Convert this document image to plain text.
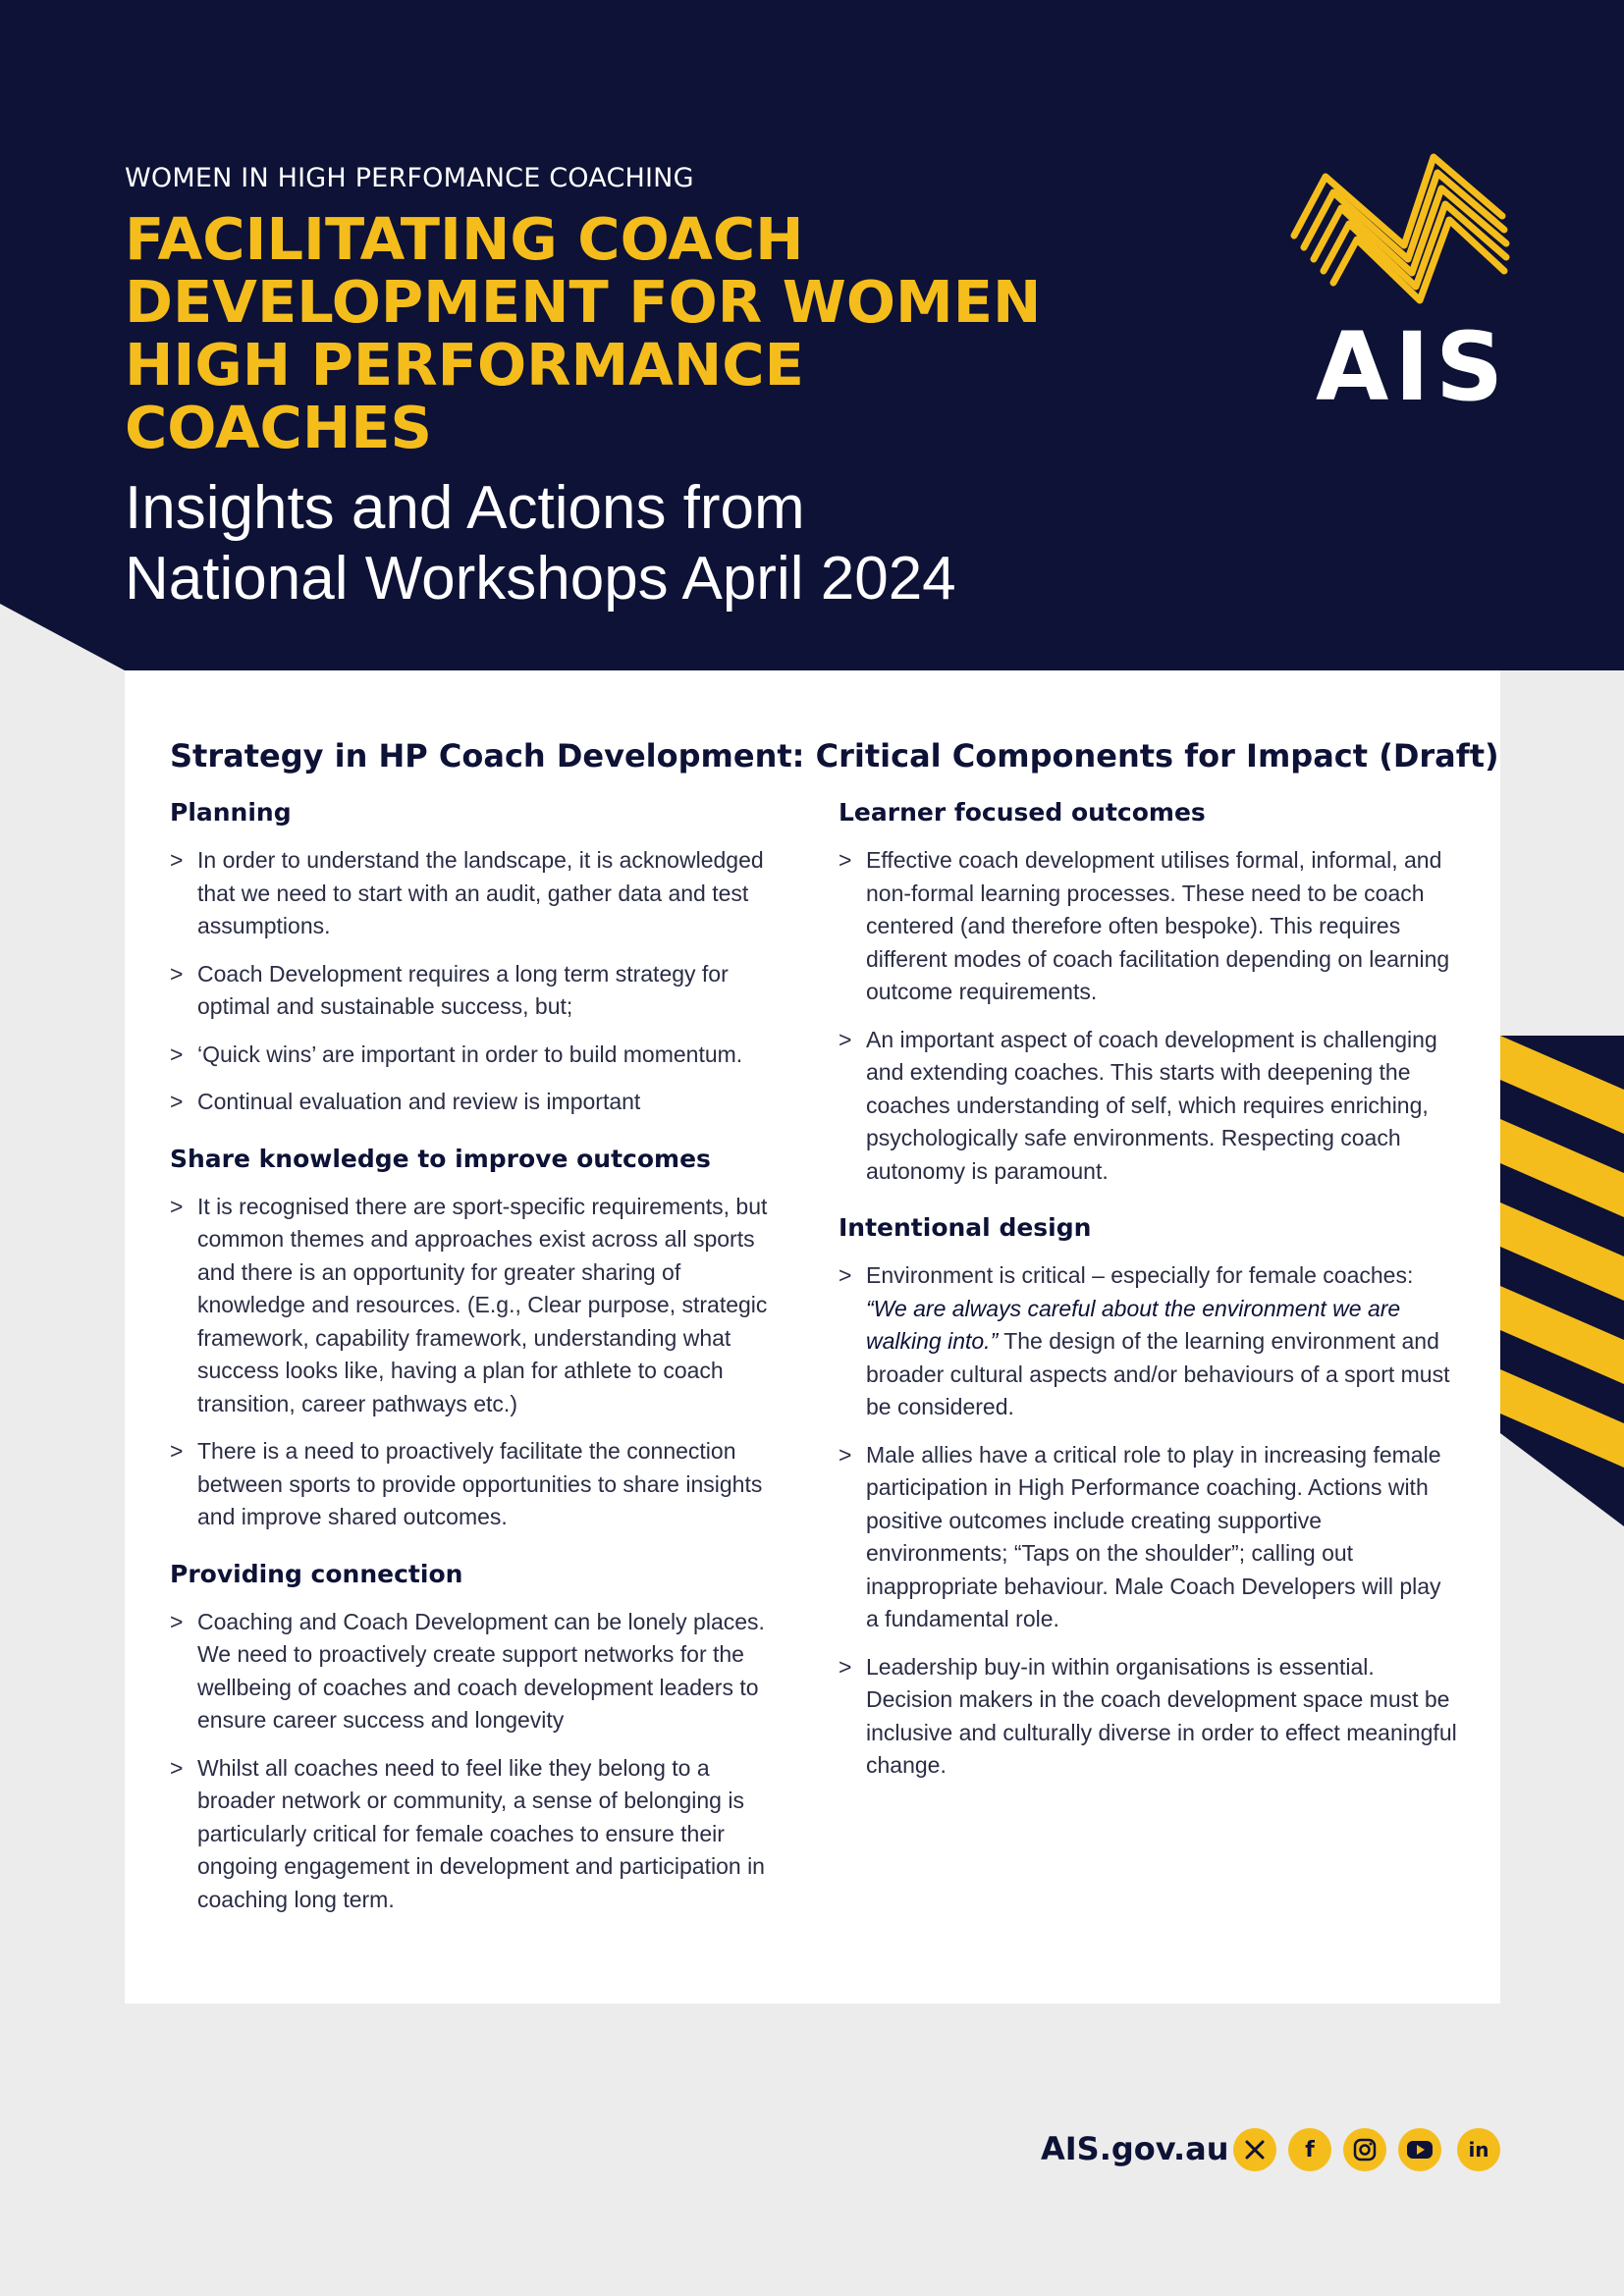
WOMEN IN HIGH PERFOMANCE COACHING
FACILITATING COACH DEVELOPMENT FOR WOMEN HIGH PERFORMANCE COACHES
Insights and Actions from
National Workshops April 2024
AIS
Strategy in HP Coach Development: Critical Components for Impact (Draft)
Planning
> In order to understand the landscape, it is acknowledged that we need to start with an audit, gather data and test assumptions.
> Coach Development requires a long term strategy for optimal and sustainable success, but;
> ‘Quick wins’ are important in order to build momentum.
> Continual evaluation and review is important
Share knowledge to improve outcomes
> It is recognised there are sport-specific requirements, but common themes and approaches exist across all sports and there is an opportunity for greater sharing of knowledge and resources. (E.g., Clear purpose, strategic framework, capability framework, understanding what success looks like, having a plan for athlete to coach transition, career pathways etc.)
> There is a need to proactively facilitate the connection between sports to provide opportunities to share insights and improve shared outcomes.
Providing connection
> Coaching and Coach Development can be lonely places. We need to proactively create support networks for the wellbeing of coaches and coach development leaders to ensure career success and longevity
> Whilst all coaches need to feel like they belong to a broader network or community, a sense of belonging is particularly critical for female coaches to ensure their ongoing engagement in development and participation in coaching long term.
Learner focused outcomes
> Effective coach development utilises formal, informal, and non-formal learning processes. These need to be coach centered (and therefore often bespoke). This requires different modes of coach facilitation depending on learning outcome requirements.
> An important aspect of coach development is challenging and extending coaches. This starts with deepening the coaches understanding of self, which requires enriching, psychologically safe environments. Respecting coach autonomy is paramount.
Intentional design
> Environment is critical – especially for female coaches: “We are always careful about the environment we are walking into.” The design of the learning environment and broader cultural aspects and/or behaviours of a sport must be considered.
> Male allies have a critical role to play in increasing female participation in High Performance coaching. Actions with positive outcomes include creating supportive environments; “Taps on the shoulder”; calling out inappropriate behaviour. Male Coach Developers will play a fundamental role.
> Leadership buy-in within organisations is essential. Decision makers in the coach development space must be inclusive and culturally diverse in order to effect meaningful change.
AIS.gov.au	f	in
